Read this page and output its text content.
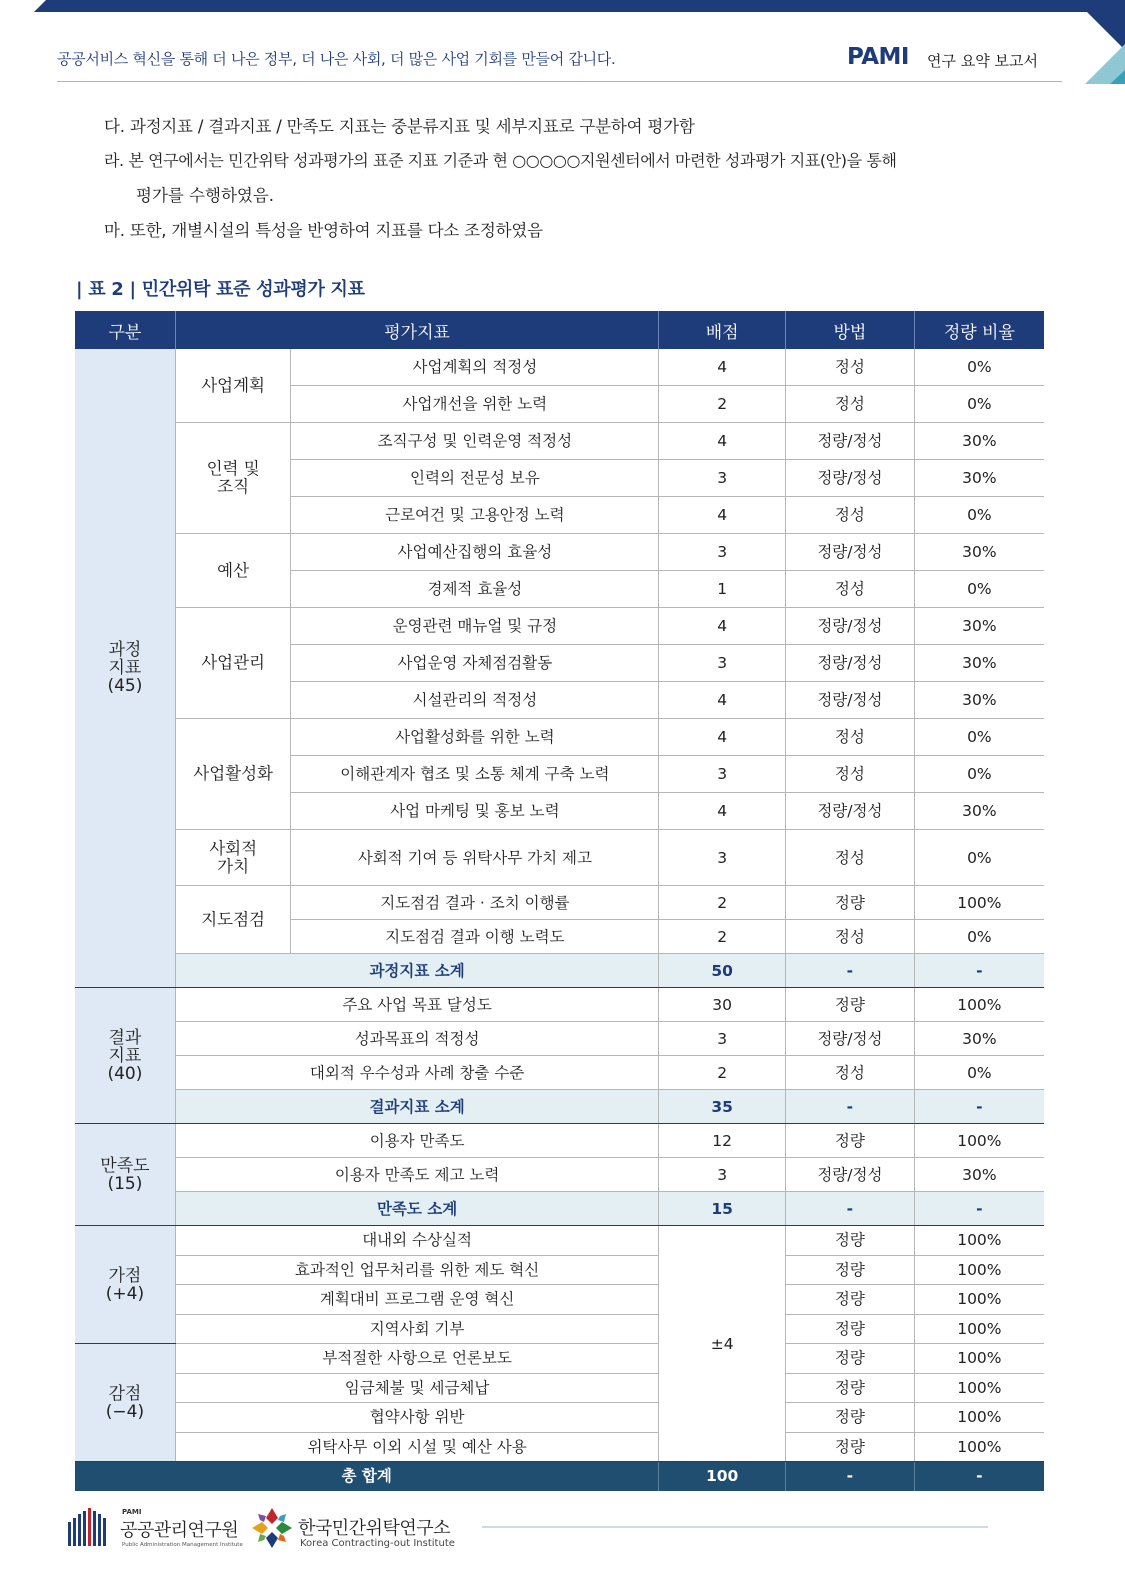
공공서비스 혁신을 통해 더 나은 정부, 더 나은 사회, 더 많은 사업 기회를 만들어 갑니다.	PAMI 연구 요약 보고서
다. 과정지표 / 결과지표 / 만족도 지표는 중분류지표 및 세부지표로 구분하여 평가함
라. 본 연구에서는 민간위탁 성과평가의 표준 지표 기준과 현 ○○○○○지원센터에서 마련한 성과평가 지표(안)을 통해
평가를 수행하였음.
마. 또한, 개별시설의 특성을 반영하여 지표를 다소 조정하였음
| 표 2 | 민간위탁 표준 성과평가 지표
구분	평가지표		배점	방법	정량 비율
과정
지표
(45)	사업계획	사업계획의 적정성	4	정성	0%
		사업개선을 위한 노력	2	정성	0%
	인력 및
조직	조직구성 및 인력운영 적정성	4	정량/정성	30%
		인력의 전문성 보유	3	정량/정성	30%
		근로여건 및 고용안정 노력	4	정성	0%
	예산	사업예산집행의 효율성	3	정량/정성	30%
		경제적 효율성	1	정성	0%
	사업관리	운영관련 매뉴얼 및 규정	4	정량/정성	30%
		사업운영 자체점검활동	3	정량/정성	30%
		시설관리의 적정성	4	정량/정성	30%
	사업활성화	사업활성화를 위한 노력	4	정성	0%
		이해관계자 협조 및 소통 체계 구축 노력	3	정성	0%
		사업 마케팅 및 홍보 노력	4	정량/정성	30%
	사회적
가치	사회적 기여 등 위탁사무 가치 제고	3	정성	0%
	지도점검	지도점검 결과 · 조치 이행률	2	정량	100%
		지도점검 결과 이행 노력도	2	정성	0%
	과정지표 소계		50	-	-
결과
지표
(40)	주요 사업 목표 달성도		30	정량	100%
	성과목표의 적정성		3	정량/정성	30%
	대외적 우수성과 사례 창출 수준		2	정성	0%
	결과지표 소계		35	-	-
만족도
(15)	이용자 만족도		12	정량	100%
	이용자 만족도 제고 노력		3	정량/정성	30%
	만족도 소계		15	-	-
가점
(+4)	대내외 수상실적		±4	정량	100%
	효과적인 업무처리를 위한 제도 혁신			정량	100%
	계획대비 프로그램 운영 혁신			정량	100%
	지역사회 기부			정량	100%
감점
(−4)	부적절한 사항으로 언론보도			정량	100%
	임금체불 및 세금체납			정량	100%
	협약사항 위반			정량	100%
	위탁사무 이외 시설 및 예산 사용			정량	100%
총 합계			100	-	-
PAMI
공공관리연구원
Public Administration Management Institute
한국민간위탁연구소
Korea Contracting-out Institute
